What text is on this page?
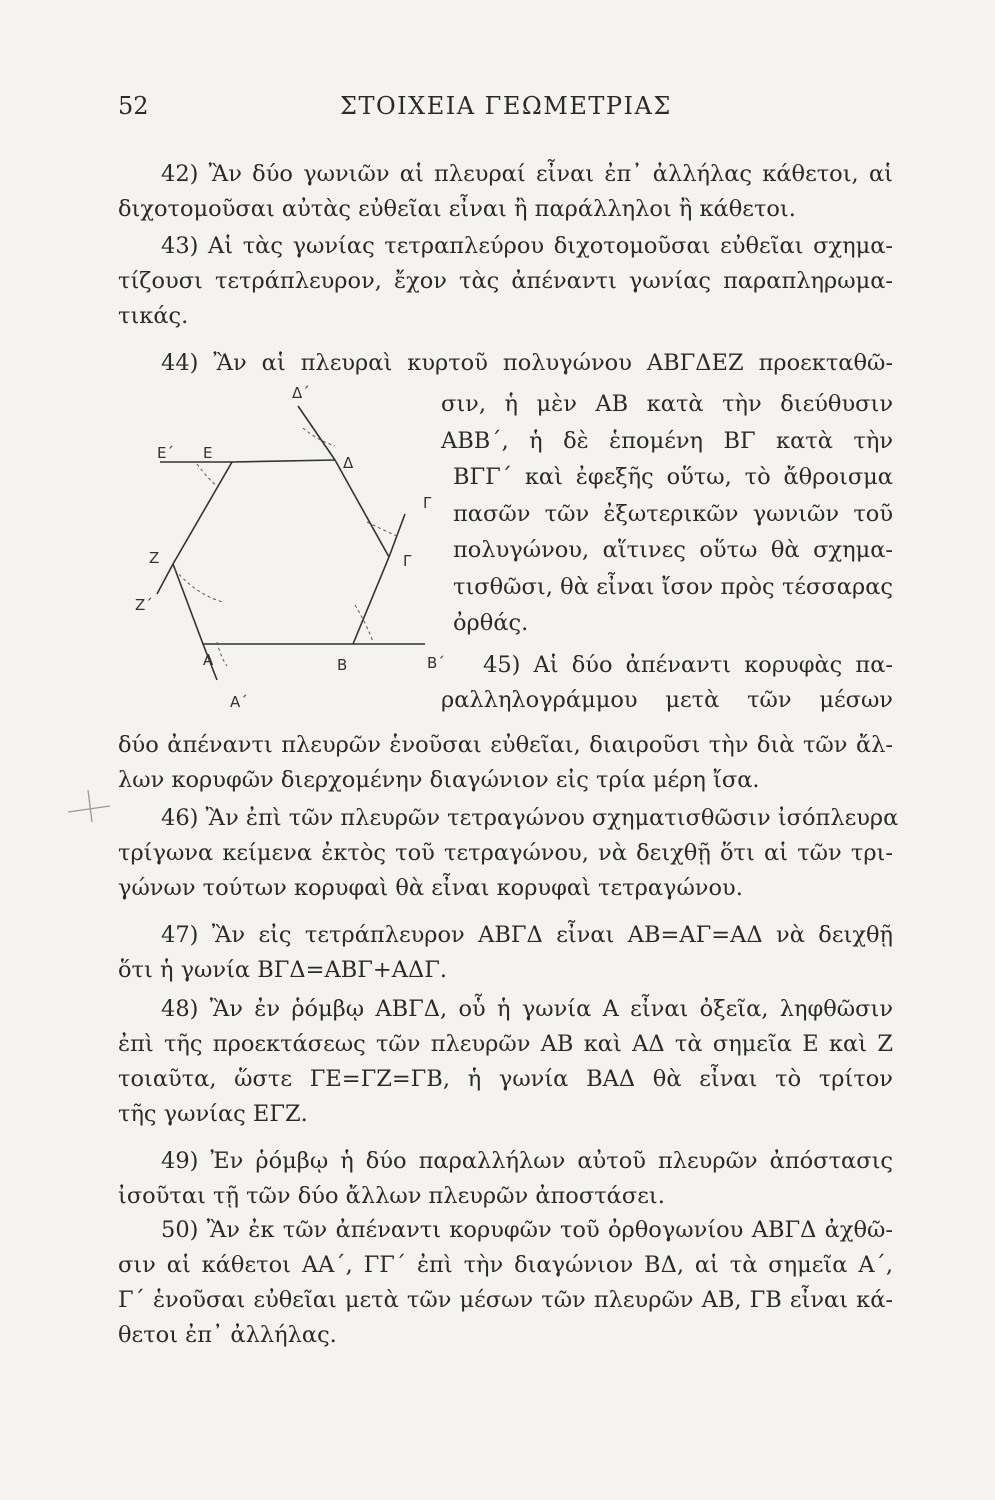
52	ΣΤΟΙΧΕΙΑ ΓΕΩΜΕΤΡΙΑΣ
42) Ἂν δύο γωνιῶν αἱ πλευραί εἶναι ἐπ᾽ ἀλλήλας κάθετοι, αἱ
διχοτομοῦσαι αὐτὰς εὐθεῖαι εἶναι ἢ παράλληλοι ἢ κάθετοι.
43) Αἱ τὰς γωνίας τετραπλεύρου διχοτομοῦσαι εὐθεῖαι σχημα-
τίζουσι τετράπλευρον, ἔχον τὰς ἀπέναντι γωνίας παραπληρωμα-
τικάς.
44) Ἂν αἱ πλευραὶ κυρτοῦ πολυγώνου ΑΒΓΔΕΖ προεκταθῶ-
σιν, ἡ μὲν ΑΒ κατὰ τὴν διεύθυσιν
ΑΒΒ΄, ἡ δὲ ἑπομένη ΒΓ κατὰ τὴν
ΒΓΓ΄ καὶ ἐφεξῆς οὕτω, τὸ ἄθροισμα
πασῶν τῶν ἐξωτερικῶν γωνιῶν τοῦ
πολυγώνου, αἵτινες οὕτω θὰ σχημα-
τισθῶσι, θὰ εἶναι ἴσον πρὸς τέσσαρας
ὀρθάς.
45) Αἱ δύο ἀπέναντι κορυφὰς πα-
ραλληλογράμμου μετὰ τῶν μέσων
δύο ἀπέναντι πλευρῶν ἑνοῦσαι εὐθεῖαι, διαιροῦσι τὴν διὰ τῶν ἄλ-
λων κορυφῶν διερχομένην διαγώνιον εἰς τρία μέρη ἴσα.
46) Ἂν ἐπὶ τῶν πλευρῶν τετραγώνου σχηματισθῶσιν ἰσόπλευρα
τρίγωνα κείμενα ἐκτὸς τοῦ τετραγώνου, νὰ δειχθῇ ὅτι αἱ τῶν τρι-
γώνων τούτων κορυφαὶ θὰ εἶναι κορυφαὶ τετραγώνου.
47) Ἂν εἰς τετράπλευρον ΑΒΓΔ εἶναι ΑΒ=ΑΓ=ΑΔ νὰ δειχθῇ
ὅτι ἡ γωνία ΒΓΔ=ΑΒΓ+ΑΔΓ.
48) Ἂν ἐν ῥόμβῳ ΑΒΓΔ, οὗ ἡ γωνία Α εἶναι ὀξεῖα, ληφθῶσιν
ἐπὶ τῆς προεκτάσεως τῶν πλευρῶν ΑΒ καὶ ΑΔ τὰ σημεῖα Ε καὶ Ζ
τοιαῦτα, ὥστε ΓΕ=ΓΖ=ΓΒ, ἡ γωνία ΒΑΔ θὰ εἶναι τὸ τρίτον
τῆς γωνίας ΕΓΖ.
49) Ἐν ῥόμβῳ ἡ δύο παραλλήλων αὐτοῦ πλευρῶν ἀπόστασις
ἰσοῦται τῇ τῶν δύο ἄλλων πλευρῶν ἀποστάσει.
50) Ἂν ἐκ τῶν ἀπέναντι κορυφῶν τοῦ ὀρθογωνίου ΑΒΓΔ ἀχθῶ-
σιν αἱ κάθετοι ΑΑ΄, ΓΓ΄ ἐπὶ τὴν διαγώνιον ΒΔ, αἱ τὰ σημεῖα Α΄,
Γ΄ ἑνοῦσαι εὐθεῖαι μετὰ τῶν μέσων τῶν πλευρῶν ΑΒ, ΓΒ εἶναι κά-
θετοι ἐπ᾽ ἀλλήλας.
Ε΄ Ε
Δ΄
Δ
Γ
Γ
Ζ
Ζ΄
Α	Β	Β΄
Α΄
